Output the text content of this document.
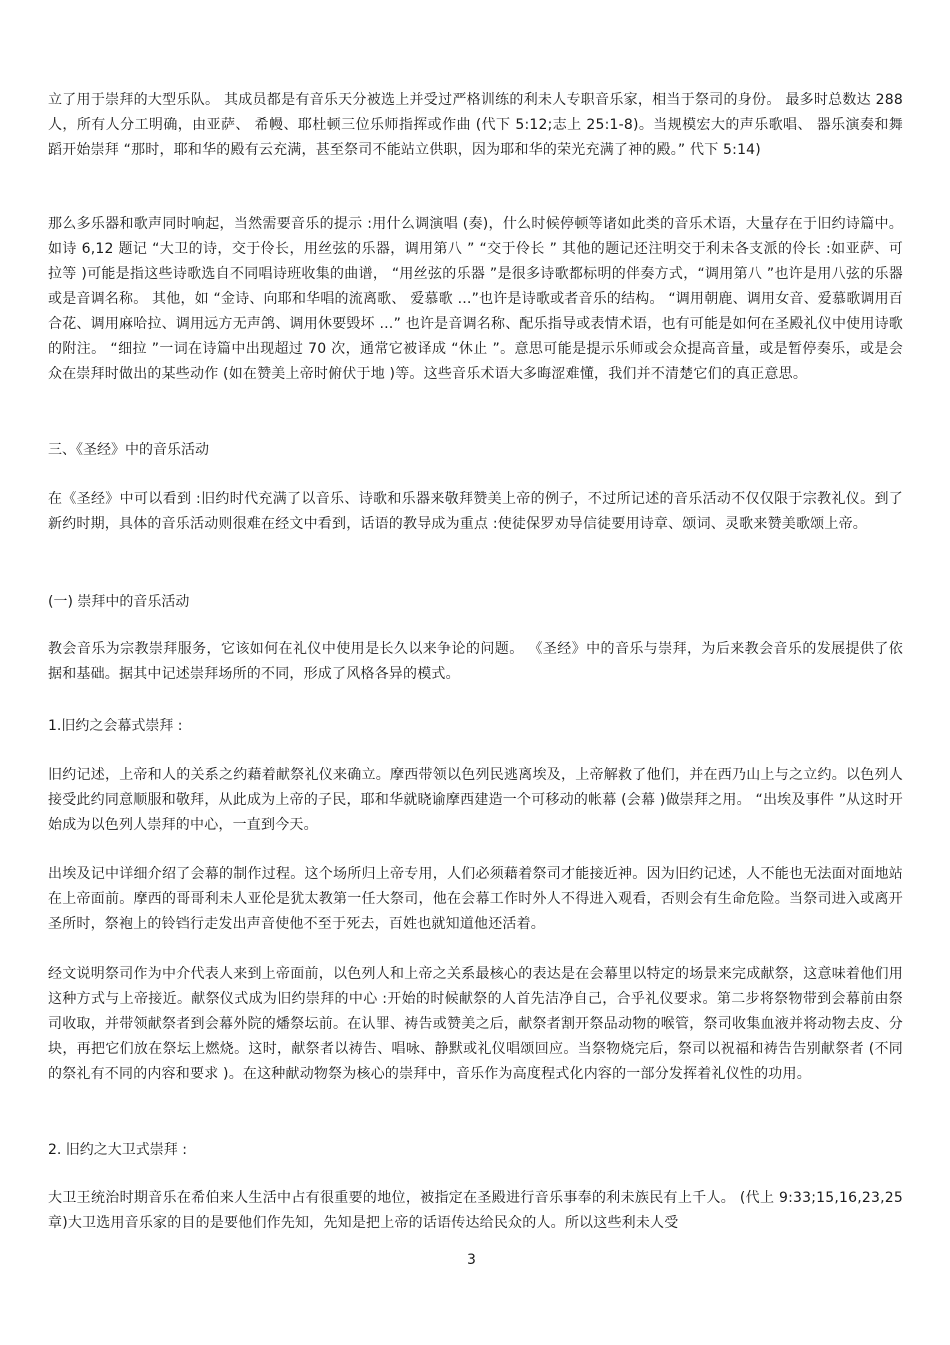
立了用于崇拜的大型乐队。 其成员都是有音乐天分被选上并受过严格训练的利未人专职音乐家，相当于祭司的身份。 最多时总数达 288 人，所有人分工明确，由亚萨、 希幔、耶杜顿三位乐师指挥或作曲 (代下 5:12;志上 25:1-8)。当规模宏大的声乐歌唱、 器乐演奏和舞蹈开始崇拜 “那时，耶和华的殿有云充满，甚至祭司不能站立供职，因为耶和华的荣光充满了神的殿。” 代下 5:14)

那么多乐器和歌声同时响起，当然需要音乐的提示 :用什么调演唱 (奏)，什么时候停顿等诸如此类的音乐术语，大量存在于旧约诗篇中。如诗 6,12 题记 “大卫的诗，交于伶长，用丝弦的乐器，调用第八 ” “交于伶长 ” 其他的题记还注明交于利未各支派的伶长 :如亚萨、可拉等 )可能是指这些诗歌选自不同唱诗班收集的曲谱， “用丝弦的乐器 ”是很多诗歌都标明的伴奏方式，“调用第八 ”也许是用八弦的乐器或是音调名称。 其他，如 “金诗、向耶和华唱的流离歌、 爱慕歌 …”也许是诗歌或者音乐的结构。 “调用朝鹿、调用女音、爱慕歌调用百合花、调用麻哈拉、调用远方无声鸽、调用休要毁坏 …” 也许是音调名称、配乐指导或表情术语，也有可能是如何在圣殿礼仪中使用诗歌的附注。 “细拉 ”一词在诗篇中出现超过 70 次，通常它被译成 “休止 ”。意思可能是提示乐师或会众提高音量，或是暂停奏乐，或是会众在崇拜时做出的某些动作 (如在赞美上帝时俯伏于地 )等。这些音乐术语大多晦涩难懂，我们并不清楚它们的真正意思。

三、《圣经》中的音乐活动

在《圣经》中可以看到 :旧约时代充满了以音乐、诗歌和乐器来敬拜赞美上帝的例子，不过所记述的音乐活动不仅仅限于宗教礼仪。到了新约时期，具体的音乐活动则很难在经文中看到，话语的教导成为重点 :使徒保罗劝导信徒要用诗章、颂词、灵歌来赞美歌颂上帝。

(一) 崇拜中的音乐活动

教会音乐为宗教崇拜服务，它该如何在礼仪中使用是长久以来争论的问题。 《圣经》中的音乐与崇拜，为后来教会音乐的发展提供了依据和基础。据其中记述崇拜场所的不同，形成了风格各异的模式。

1.旧约之会幕式崇拜 :

旧约记述，上帝和人的关系之约藉着献祭礼仪来确立。摩西带领以色列民逃离埃及，上帝解救了他们，并在西乃山上与之立约。以色列人接受此约同意顺服和敬拜，从此成为上帝的子民，耶和华就晓谕摩西建造一个可移动的帐幕 (会幕 )做崇拜之用。 “出埃及事件 ”从这时开始成为以色列人崇拜的中心，一直到今天。

出埃及记中详细介绍了会幕的制作过程。这个场所归上帝专用，人们必须藉着祭司才能接近神。因为旧约记述，人不能也无法面对面地站在上帝面前。摩西的哥哥利未人亚伦是犹太教第一任大祭司，他在会幕工作时外人不得进入观看，否则会有生命危险。当祭司进入或离开圣所时，祭袍上的铃铛行走发出声音使他不至于死去，百姓也就知道他还活着。

经文说明祭司作为中介代表人来到上帝面前，以色列人和上帝之关系最核心的表达是在会幕里以特定的场景来完成献祭，这意味着他们用这种方式与上帝接近。献祭仪式成为旧约崇拜的中心 :开始的时候献祭的人首先洁净自己，合乎礼仪要求。第二步将祭物带到会幕前由祭司收取，并带领献祭者到会幕外院的燔祭坛前。在认罪、祷告或赞美之后，献祭者割开祭品动物的喉管，祭司收集血液并将动物去皮、分块，再把它们放在祭坛上燃烧。这时，献祭者以祷告、唱咏、静默或礼仪唱颂回应。当祭物烧完后，祭司以祝福和祷告告别献祭者 (不同的祭礼有不同的内容和要求 )。在这种献动物祭为核心的崇拜中，音乐作为高度程式化内容的一部分发挥着礼仪性的功用。

2. 旧约之大卫式崇拜 :

大卫王统治时期音乐在希伯来人生活中占有很重要的地位，被指定在圣殿进行音乐事奉的利未族民有上千人。 (代上 9:33;15,16,23,25 章)大卫选用音乐家的目的是要他们作先知，先知是把上帝的话语传达给民众的人。所以这些利未人受

3
